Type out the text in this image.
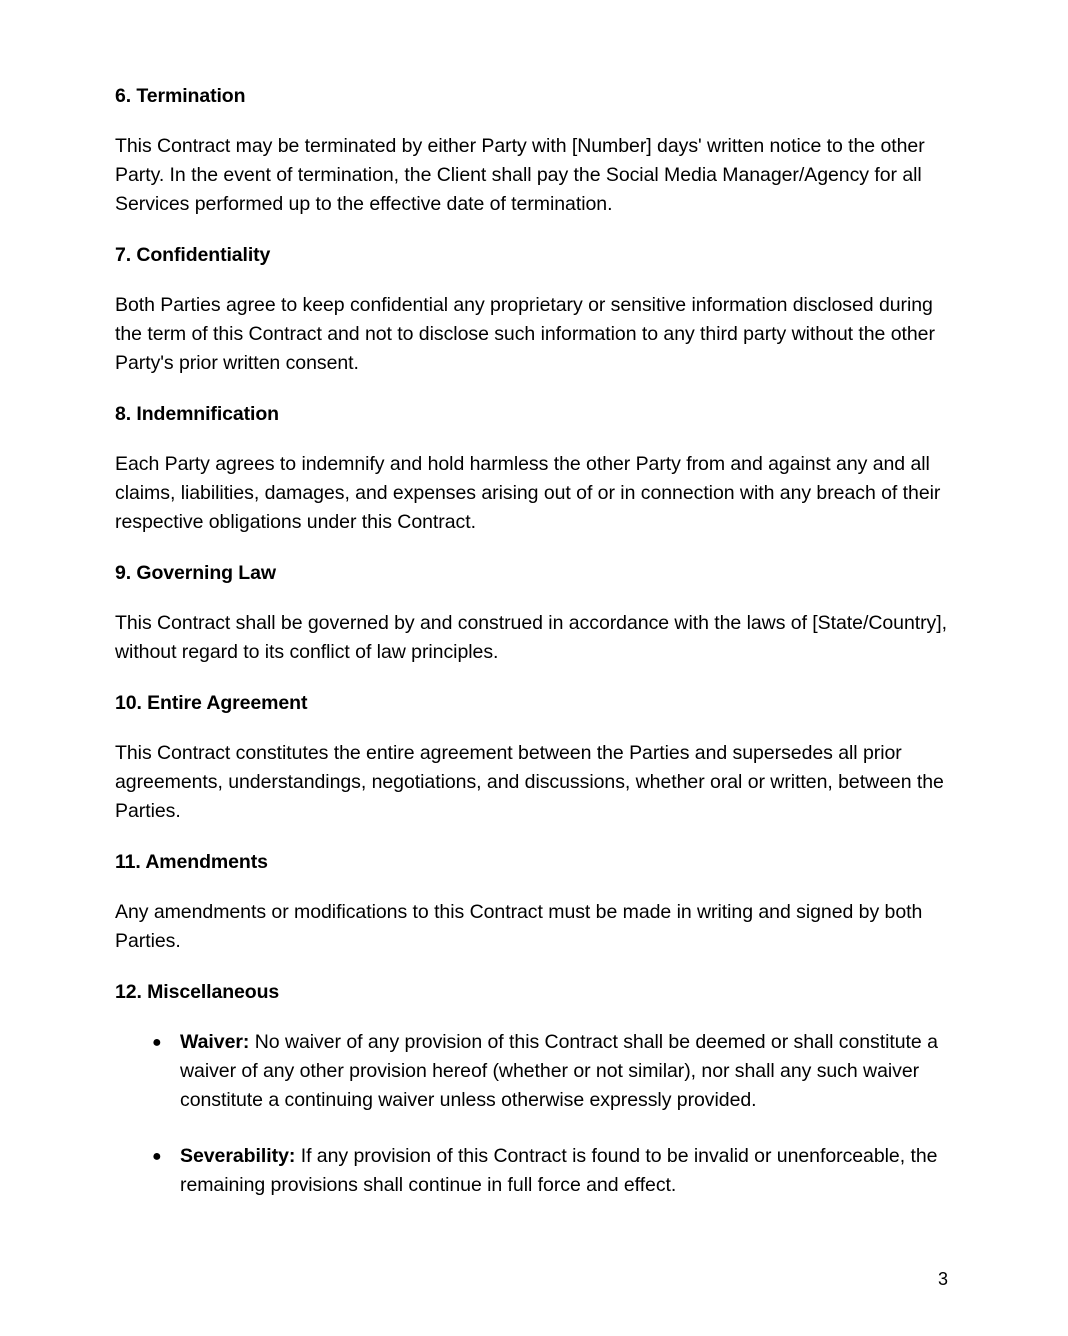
6. Termination

This Contract may be terminated by either Party with [Number] days' written notice to the other Party. In the event of termination, the Client shall pay the Social Media Manager/Agency for all Services performed up to the effective date of termination.

7. Confidentiality

Both Parties agree to keep confidential any proprietary or sensitive information disclosed during the term of this Contract and not to disclose such information to any third party without the other Party's prior written consent.

8. Indemnification

Each Party agrees to indemnify and hold harmless the other Party from and against any and all claims, liabilities, damages, and expenses arising out of or in connection with any breach of their respective obligations under this Contract.

9. Governing Law

This Contract shall be governed by and construed in accordance with the laws of [State/Country], without regard to its conflict of law principles.

10. Entire Agreement

This Contract constitutes the entire agreement between the Parties and supersedes all prior agreements, understandings, negotiations, and discussions, whether oral or written, between the Parties.

11. Amendments

Any amendments or modifications to this Contract must be made in writing and signed by both Parties.

12. Miscellaneous
● Waiver: No waiver of any provision of this Contract shall be deemed or shall constitute a waiver of any other provision hereof (whether or not similar), nor shall any such waiver constitute a continuing waiver unless otherwise expressly provided.
● Severability: If any provision of this Contract is found to be invalid or unenforceable, the remaining provisions shall continue in full force and effect.
3
